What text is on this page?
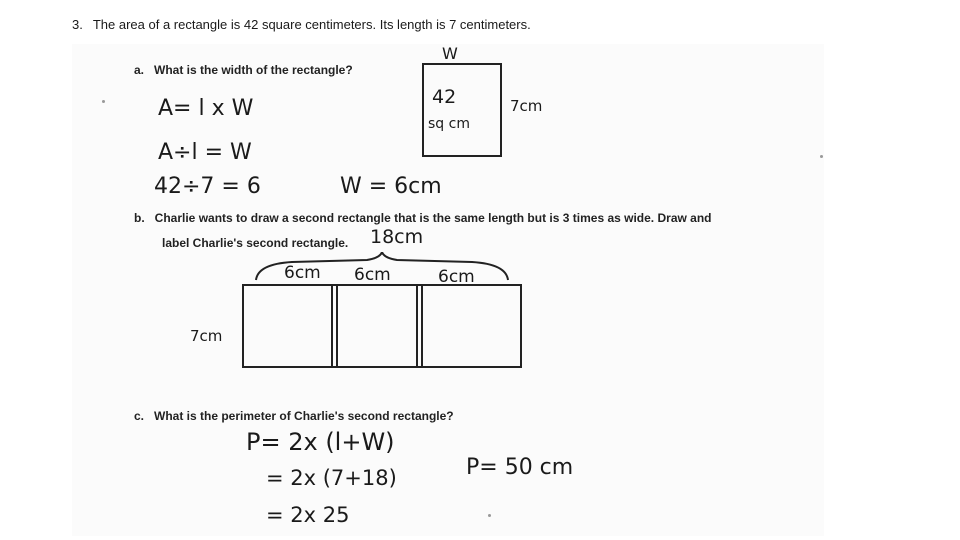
3. The area of a rectangle is 42 square centimeters. Its length is 7 centimeters.
a. What is the width of the rectangle?
A= l x W
A÷l = W
42÷7 = 6	W = 6cm
W
42
sq cm
7cm
b. Charlie wants to draw a second rectangle that is the same length but is 3 times as wide. Draw and
label Charlie's second rectangle. 18cm
6cm 6cm	6cm
7cm
c. What is the perimeter of Charlie's second rectangle?
P= 2x (l+W)
= 2x (7+18)
= 2x 25
P= 50 cm
